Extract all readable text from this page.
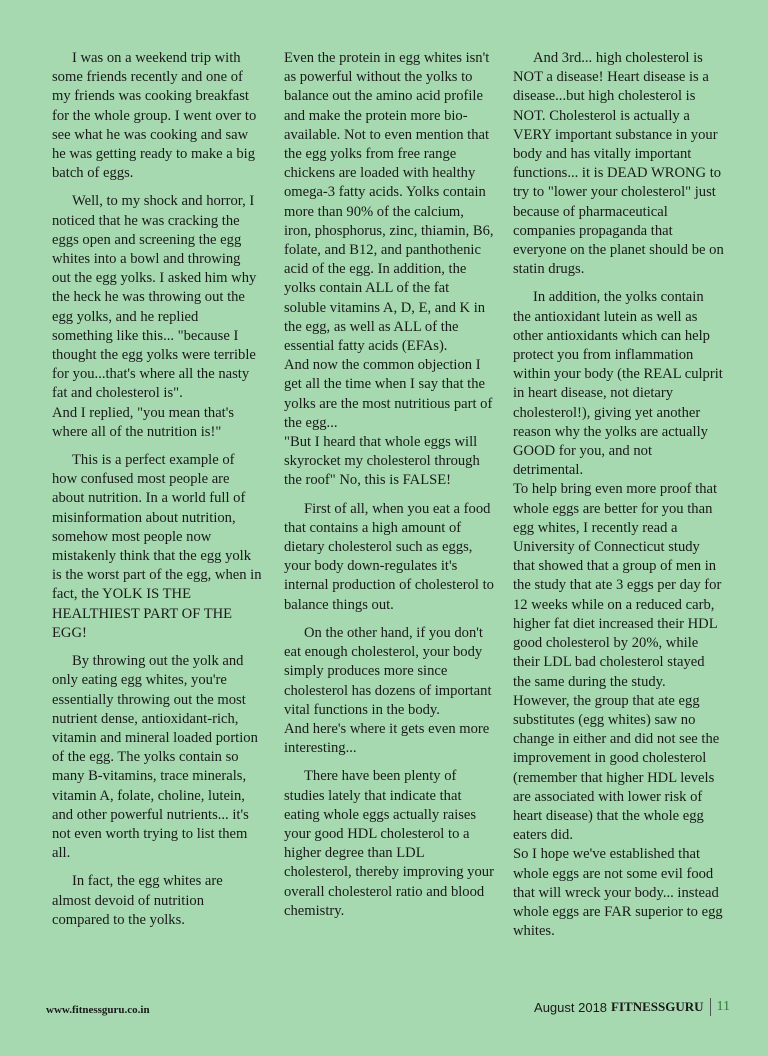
I was on a weekend trip with some friends recently and one of my friends was cooking breakfast for the whole group. I went over to see what he was cooking and saw he was getting ready to make a big batch of eggs.

Well, to my shock and horror, I noticed that he was cracking the eggs open and screening the egg whites into a bowl and throwing out the egg yolks. I asked him why the heck he was throwing out the egg yolks, and he replied something like this... "because I thought the egg yolks were terrible for you...that's where all the nasty fat and cholesterol is".

And I replied, "you mean that's where all of the nutrition is!"

This is a perfect example of how confused most people are about nutrition. In a world full of misinformation about nutrition, somehow most people now mistakenly think that the egg yolk is the worst part of the egg, when in fact, the YOLK IS THE HEALTHIEST PART OF THE EGG!

By throwing out the yolk and only eating egg whites, you're essentially throwing out the most nutrient dense, antioxidant-rich, vitamin and mineral loaded portion of the egg. The yolks contain so many B-vitamins, trace minerals, vitamin A, folate, choline, lutein, and other powerful nutrients... it's not even worth trying to list them all.

In fact, the egg whites are almost devoid of nutrition compared to the yolks.

Even the protein in egg whites isn't as powerful without the yolks to balance out the amino acid profile and make the protein more bio-available. Not to even mention that the egg yolks from free range chickens are loaded with healthy omega-3 fatty acids. Yolks contain more than 90% of the calcium, iron, phosphorus, zinc, thiamin, B6, folate, and B12, and panthothenic acid of the egg. In addition, the yolks contain ALL of the fat soluble vitamins A, D, E, and K in the egg, as well as ALL of the essential fatty acids (EFAs).

And now the common objection I get all the time when I say that the yolks are the most nutritious part of the egg...

"But I heard that whole eggs will skyrocket my cholesterol through the roof" No, this is FALSE!

First of all, when you eat a food that contains a high amount of dietary cholesterol such as eggs, your body down-regulates it's internal production of cholesterol to balance things out.

On the other hand, if you don't eat enough cholesterol, your body simply produces more since cholesterol has dozens of important vital functions in the body.

And here's where it gets even more interesting...

There have been plenty of studies lately that indicate that eating whole eggs actually raises your good HDL cholesterol to a higher degree than LDL cholesterol, thereby improving your overall cholesterol ratio and blood chemistry.

And 3rd... high cholesterol is NOT a disease! Heart disease is a disease...but high cholesterol is NOT. Cholesterol is actually a VERY important substance in your body and has vitally important functions... it is DEAD WRONG to try to "lower your cholesterol" just because of pharmaceutical companies propaganda that everyone on the planet should be on statin drugs.

In addition, the yolks contain the antioxidant lutein as well as other antioxidants which can help protect you from inflammation within your body (the REAL culprit in heart disease, not dietary cholesterol!), giving yet another reason why the yolks are actually GOOD for you, and not detrimental.

To help bring even more proof that whole eggs are better for you than egg whites, I recently read a University of Connecticut study that showed that a group of men in the study that ate 3 eggs per day for 12 weeks while on a reduced carb, higher fat diet increased their HDL good cholesterol by 20%, while their LDL bad cholesterol stayed the same during the study.

However, the group that ate egg substitutes (egg whites) saw no change in either and did not see the improvement in good cholesterol (remember that higher HDL levels are associated with lower risk of heart disease) that the whole egg eaters did.

So I hope we've established that whole eggs are not some evil food that will wreck your body... instead whole eggs are FAR superior to egg whites.

www.fitnessguru.co.in	August 2018 FITNESSGURU 11
